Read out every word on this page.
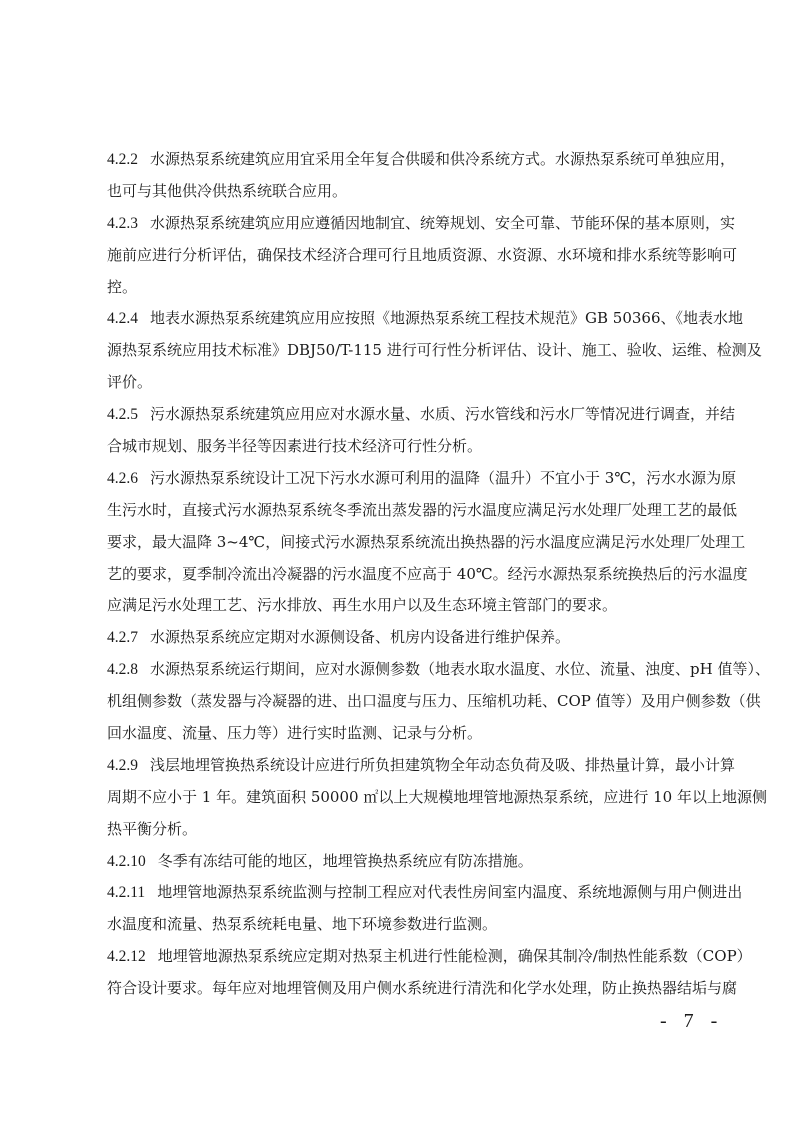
4.2.2 水源热泵系统建筑应用宜采用全年复合供暖和供冷系统方式。水源热泵系统可单独应用，
也可与其他供冷供热系统联合应用。
4.2.3 水源热泵系统建筑应用应遵循因地制宜、统筹规划、安全可靠、节能环保的基本原则，实
施前应进行分析评估，确保技术经济合理可行且地质资源、水资源、水环境和排水系统等影响可
控。
4.2.4 地表水源热泵系统建筑应用应按照《地源热泵系统工程技术规范》GB 50366、《地表水地
源热泵系统应用技术标准》DBJ50/T-115 进行可行性分析评估、设计、施工、验收、运维、检测及
评价。
4.2.5 污水源热泵系统建筑应用应对水源水量、水质、污水管线和污水厂等情况进行调查，并结
合城市规划、服务半径等因素进行技术经济可行性分析。
4.2.6 污水源热泵系统设计工况下污水水源可利用的温降（温升）不宜小于 3℃，污水水源为原
生污水时，直接式污水源热泵系统冬季流出蒸发器的污水温度应满足污水处理厂处理工艺的最低
要求，最大温降 3~4℃，间接式污水源热泵系统流出换热器的污水温度应满足污水处理厂处理工
艺的要求，夏季制冷流出冷凝器的污水温度不应高于 40℃。经污水源热泵系统换热后的污水温度
应满足污水处理工艺、污水排放、再生水用户以及生态环境主管部门的要求。
4.2.7 水源热泵系统应定期对水源侧设备、机房内设备进行维护保养。
4.2.8 水源热泵系统运行期间，应对水源侧参数（地表水取水温度、水位、流量、浊度、pH 值等）、
机组侧参数（蒸发器与冷凝器的进、出口温度与压力、压缩机功耗、COP 值等）及用户侧参数（供
回水温度、流量、压力等）进行实时监测、记录与分析。
4.2.9 浅层地埋管换热系统设计应进行所负担建筑物全年动态负荷及吸、排热量计算，最小计算
周期不应小于 1 年。建筑面积 50000 ㎡以上大规模地埋管地源热泵系统，应进行 10 年以上地源侧
热平衡分析。
4.2.10 冬季有冻结可能的地区，地埋管换热系统应有防冻措施。
4.2.11 地埋管地源热泵系统监测与控制工程应对代表性房间室内温度、系统地源侧与用户侧进出
水温度和流量、热泵系统耗电量、地下环境参数进行监测。
4.2.12 地埋管地源热泵系统应定期对热泵主机进行性能检测，确保其制冷/制热性能系数（COP）
符合设计要求。每年应对地埋管侧及用户侧水系统进行清洗和化学水处理，防止换热器结垢与腐
- 7 -
